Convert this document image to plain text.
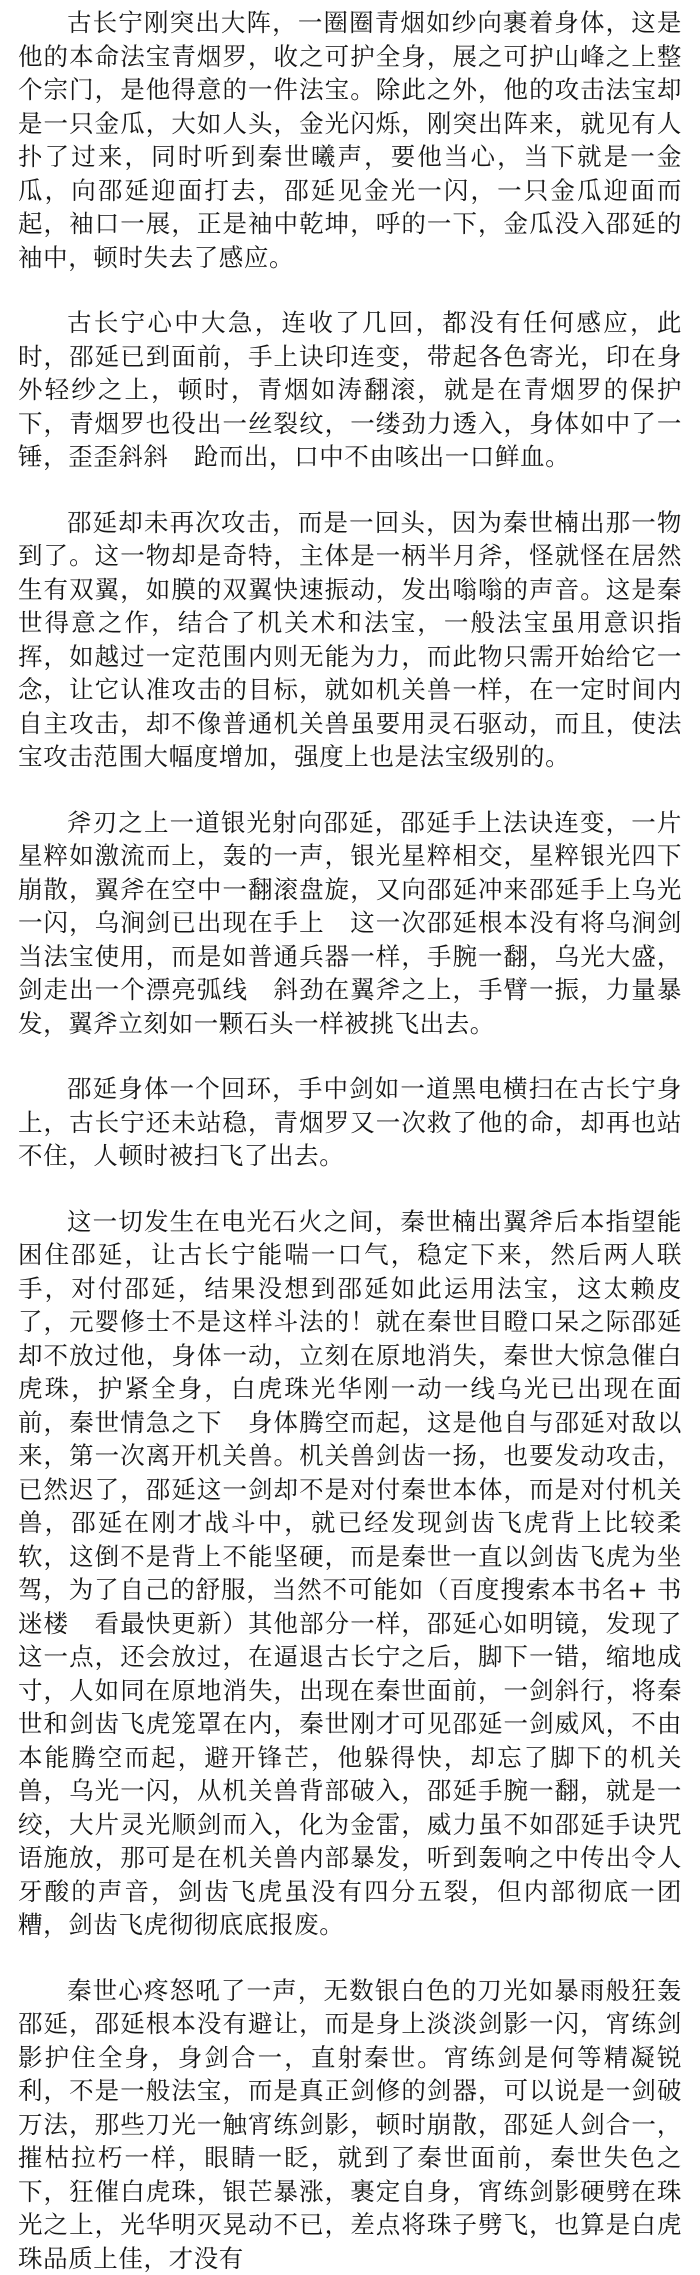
古长宁刚突出大阵，一圈圈青烟如纱向裹着身体，这是他的本命法宝青烟罗，收之可护全身，展之可护山峰之上整个宗门，是他得意的一件法宝。除此之外，他的攻击法宝却是一只金瓜，大如人头，金光闪烁，刚突出阵来，就见有人扑了过来，同时听到秦世曦声，要他当心，当下就是一金瓜，向邵延迎面打去，邵延见金光一闪，一只金瓜迎面而起，袖口一展，正是袖中乾坤，呼的一下，金瓜没入邵延的袖中，顿时失去了感应。

古长宁心中大急，连收了几回，都没有任何感应，此时，邵延已到面前，手上诀印连变，带起各色寄光，印在身外轻纱之上，顿时，青烟如涛翻滚，就是在青烟罗的保护下，青烟罗也役出一丝裂纹，一缕劲力透入，身体如中了一锤，歪歪斜斜　跄而出，口中不由咳出一口鲜血。

邵延却未再次攻击，而是一回头，因为秦世楠出那一物到了。这一物却是奇特，主体是一柄半月斧，怪就怪在居然生有双翼，如膜的双翼快速振动，发出嗡嗡的声音。这是秦世得意之作，结合了机关术和法宝，一般法宝虽用意识指挥，如越过一定范围内则无能为力，而此物只需开始给它一念，让它认准攻击的目标，就如机关兽一样，在一定时间内自主攻击，却不像普通机关兽虽要用灵石驱动，而且，使法宝攻击范围大幅度增加，强度上也是法宝级别的。

斧刃之上一道银光射向邵延，邵延手上法诀连变，一片星粹如激流而上，轰的一声，银光星粹相交，星粹银光四下崩散，翼斧在空中一翻滚盘旋，又向邵延冲来邵延手上乌光一闪，乌涧剑已出现在手上　这一次邵延根本没有将乌涧剑当法宝使用，而是如普通兵器一样，手腕一翻，乌光大盛，剑走出一个漂亮弧线　斜劲在翼斧之上，手臂一振，力量暴发，翼斧立刻如一颗石头一样被挑飞出去。

邵延身体一个回环，手中剑如一道黑电横扫在古长宁身上，古长宁还未站稳，青烟罗又一次救了他的命，却再也站不住，人顿时被扫飞了出去。

这一切发生在电光石火之间，秦世楠出翼斧后本指望能困住邵延，让古长宁能喘一口气，稳定下来，然后两人联手，对付邵延，结果没想到邵延如此运用法宝，这太赖皮了，元婴修士不是这样斗法的！就在秦世目瞪口呆之际邵延却不放过他，身体一动，立刻在原地消失，秦世大惊急催白虎珠，护紧全身，白虎珠光华刚一动一线乌光已出现在面前，秦世情急之下　身体腾空而起，这是他自与邵延对敌以来，第一次离开机关兽。机关兽剑齿一扬，也要发动攻击，已然迟了，邵延这一剑却不是对付秦世本体，而是对付机关兽，邵延在刚才战斗中，就已经发现剑齿飞虎背上比较柔软，这倒不是背上不能坚硬，而是秦世一直以剑齿飞虎为坐驾，为了自己的舒服，当然不可能如（百度搜索本书名+ 书迷楼　看最快更新）其他部分一样，邵延心如明镜，发现了这一点，还会放过，在逼退古长宁之后，脚下一错，缩地成寸，人如同在原地消失，出现在秦世面前，一剑斜行，将秦世和剑齿飞虎笼罩在内，秦世刚才可见邵延一剑威风，不由本能腾空而起，避开锋芒，他躲得快，却忘了脚下的机关兽，乌光一闪，从机关兽背部破入，邵延手腕一翻，就是一绞，大片灵光顺剑而入，化为金雷，威力虽不如邵延手诀咒语施放，那可是在机关兽内部暴发，听到轰响之中传出令人牙酸的声音，剑齿飞虎虽没有四分五裂，但内部彻底一团糟，剑齿飞虎彻彻底底报废。

秦世心疼怒吼了一声，无数银白色的刀光如暴雨般狂轰邵延，邵延根本没有避让，而是身上淡淡剑影一闪，宵练剑影护住全身，身剑合一，直射秦世。宵练剑是何等精凝锐利，不是一般法宝，而是真正剑修的剑器，可以说是一剑破万法，那些刀光一触宵练剑影，顿时崩散，邵延人剑合一，摧枯拉朽一样，眼睛一眨，就到了秦世面前，秦世失色之下，狂催白虎珠，银芒暴涨，裹定自身，宵练剑影硬劈在珠光之上，光华明灭晃动不已，差点将珠子劈飞，也算是白虎珠品质上佳，才没有
